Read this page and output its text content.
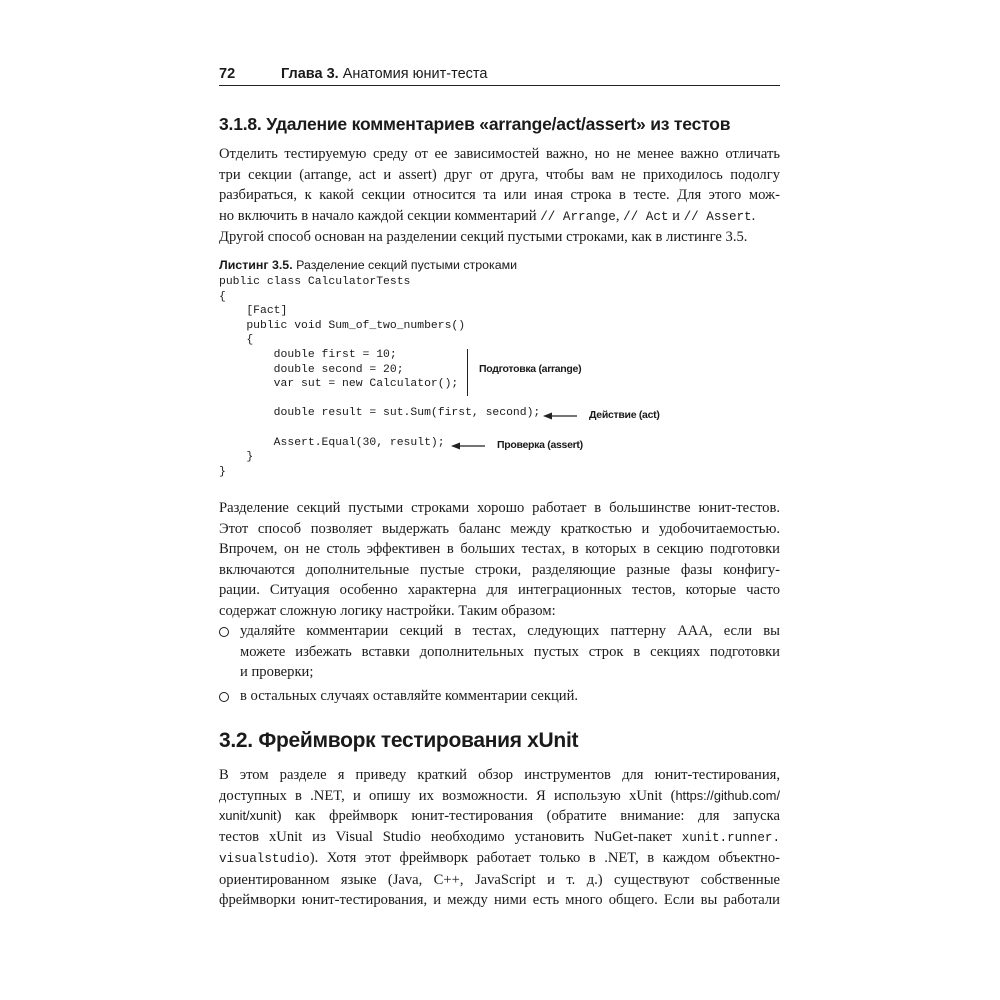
72	Глава 3. Анатомия юнит-теста
3.1.8. Удаление комментариев «arrange/act/assert» из тестов
Отделить тестируемую среду от ее зависимостей важно, но не менее важно отличать
три секции (arrange, act и assert) друг от друга, чтобы вам не приходилось подолгу
разбираться, к какой секции относится та или иная строка в тесте. Для этого мож-
но включить в начало каждой секции комментарий // Arrange, // Act и // Assert.
Другой способ основан на разделении секций пустыми строками, как в листинге 3.5.
Листинг 3.5. Разделение секций пустыми строками
public class CalculatorTests
{
[Fact]
public void Sum_of_two_numbers()
{
double first = 10;
double second = 20;
var sut = new Calculator();

double result = sut.Sum(first, second);

Assert.Equal(30, result);
}
}
Подготовка (arrange)
Действие (act)
Проверка (assert)
Разделение секций пустыми строками хорошо работает в большинстве юнит-тестов.
Этот способ позволяет выдержать баланс между краткостью и удобочитаемостью.
Впрочем, он не столь эффективен в больших тестах, в которых в секцию подготовки
включаются дополнительные пустые строки, разделяющие разные фазы конфигу-
рации. Ситуация особенно характерна для интеграционных тестов, которые часто
содержат сложную логику настройки. Таким образом:
удаляйте комментарии секций в тестах, следующих паттерну AAA, если вы
можете избежать вставки дополнительных пустых строк в секциях подготовки
и проверки;
в остальных случаях оставляйте комментарии секций.
3.2. Фреймворк тестирования xUnit
В этом разделе я приведу краткий обзор инструментов для юнит-тестирования,
доступных в .NET, и опишу их возможности. Я использую xUnit (https://github.com/
xunit/xunit) как фреймворк юнит-тестирования (обратите внимание: для запуска
тестов xUnit из Visual Studio необходимо установить NuGet-пакет xunit.runner.
visualstudio). Хотя этот фреймворк работает только в .NET, в каждом объектно-
ориентированном языке (Java, C++, JavaScript и т. д.) существуют собственные
фреймворки юнит-тестирования, и между ними есть много общего. Если вы работали
